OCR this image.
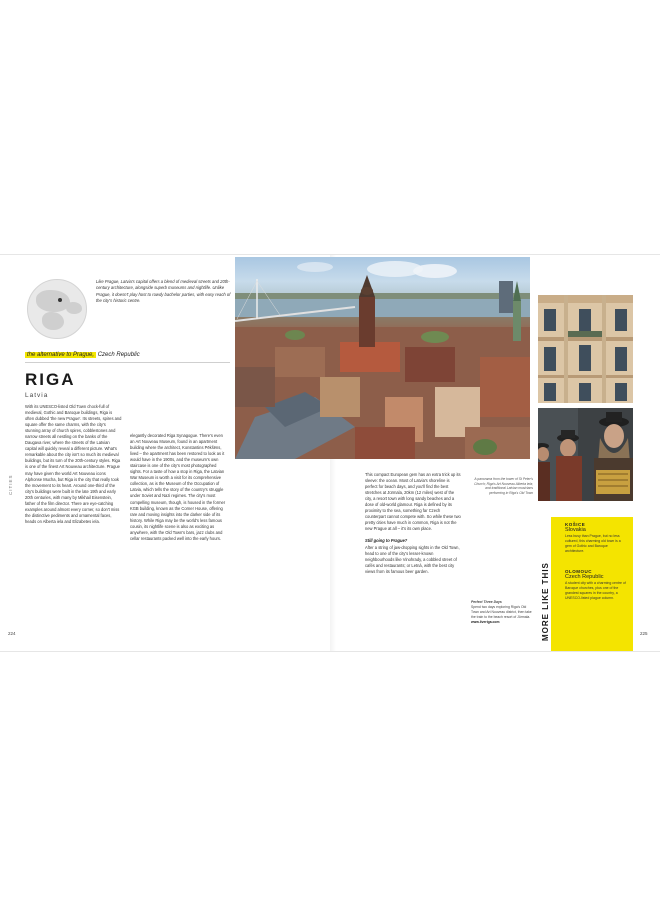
Like Prague, Latvia's capital offers a blend of medieval streets and 20th-century architecture, alongside superb museums and nightlife. Unlike Prague, it doesn't play host to rowdy bachelor parties, with easy reach of the city's historic centre.
the alternative to Prague, Czech Republic
RIGA
Latvia
CITIES
With its UNESCO-listed Old Town chock-full of medieval, Gothic and Baroque buildings, Riga is often dubbed 'the new Prague'. Its streets, spires and square offer the same charms, with the city's stunning array of church spires, cobblestones and narrow streets all nestling on the banks of the Daugava river, where the streets of the Latvian capital will quickly reveal a different picture. What's remarkable about the city isn't so much its medieval buildings, but its turn of the 20th-century styles. Riga is one of the finest Art Nouveau architecture. Prague may have given the world Art Nouveau icons Alphonse Mucha, but Riga is the city that really took the movement to its heart. Around one-third of the city's buildings were built in the late 19th and early 20th centuries, with many by Mikhail Eisenstein, father of the film director. There are eye-catching examples around almost every corner, so don't miss the distinctive pediments and ornamental faces, heads on Alberta iela and Elizabetes iela.
elegantly decorated Riga Synagogue. There's even an Art Nouveau Museum, found in an apartment building where the architect, Konstantins Pēkšēns, lived – the apartment has been restored to look as it would have in the 1900s, and the museum's own staircase is one of the city's most photographed sights. For a taste of how a stop in Riga, the Latvian War Museum is worth a visit for its comprehensive collection, as is the Museum of the Occupation of Latvia, which tells the story of the country's struggle under Soviet and Nazi regimes. The city's most compelling museum, though, is housed in the former KGB building, known as the Corner House, offering rare and moving insights into the darker side of its history. While Riga may be the world's less famous cousin, its nightlife scene is also as exciting as anywhere, with the Old Town's bars, jazz clubs and cellar restaurants packed well into the early hours.
A panorama from the tower of St Peter's Church; Riga's Art Nouveau Alberta iela; and traditional Latvian musicians performing in Riga's Old Town
This compact European gem has an extra trick up its sleeve: the ocean. Most of Latvia's shoreline is perfect for beach days, and you'll find the best stretches at Jūrmala, 20km (12 miles) west of the city, a resort town with long sandy beaches and a dose of old-world glamour. Riga is defined by its proximity to the sea, something far Czech counterpart cannot compete with. So while these two pretty cities have much in common, Riga is not the new Prague at all – it's its own place.
Still going to Prague?
After a string of jaw-dropping sights in the Old Town, head to one of the city's lesser-known neighbourhoods like Vinohrady, a cobbled street of cafés and restaurants; or Letná, with the best city views from its famous beer garden.
Perfect Three Days
Spend two days exploring Riga's Old Town and Art Nouveau district, then take the train to the beach resort of Jūrmala.
www.liveriga.com	MORE LIKE THIS
KOŠICE
Slovakia
Less busy than Prague, but no less cultured, this charming old town is a gem of Gothic and Baroque architecture.
OLOMOUC
Czech Republic
A student city with a charming centre of Baroque churches, plus one of the grandest squares in the country, a UNESCO-listed plague column.
224	225
